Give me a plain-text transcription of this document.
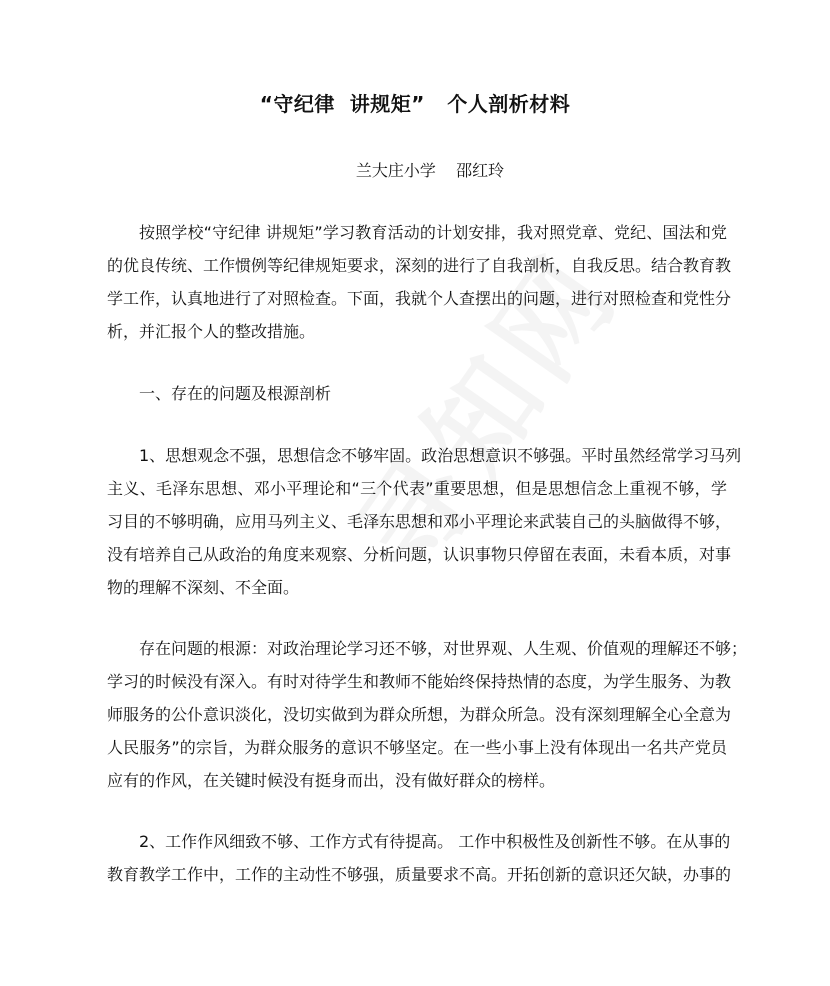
“守纪律  讲规矩”   个人剖析材料
兰大庄小学    邵红玲
按照学校“守纪律 讲规矩”学习教育活动的计划安排，我对照党章、党纪、国法和党
的优良传统、工作惯例等纪律规矩要求，深刻的进行了自我剖析，自我反思。结合教育教
学工作，认真地进行了对照检查。下面，我就个人查摆出的问题，进行对照检查和党性分
析，并汇报个人的整改措施。
一、存在的问题及根源剖析
1、思想观念不强，思想信念不够牢固。政治思想意识不够强。平时虽然经常学习马列
主义、毛泽东思想、邓小平理论和“三个代表”重要思想，但是思想信念上重视不够，学
习目的不够明确，应用马列主义、毛泽东思想和邓小平理论来武装自己的头脑做得不够，
没有培养自己从政治的角度来观察、分析问题，认识事物只停留在表面，未看本质，对事
物的理解不深刻、不全面。
存在问题的根源：对政治理论学习还不够，对世界观、人生观、价值观的理解还不够；
学习的时候没有深入。有时对待学生和教师不能始终保持热情的态度，为学生服务、为教
师服务的公仆意识淡化，没切实做到为群众所想，为群众所急。没有深刻理解全心全意为
人民服务”的宗旨，为群众服务的意识不够坚定。在一些小事上没有体现出一名共产党员
应有的作风，在关键时候没有挺身而出，没有做好群众的榜样。
2、工作作风细致不够、工作方式有待提高。 工作中积极性及创新性不够。在从事的
教育教学工作中，工作的主动性不够强，质量要求不高。开拓创新的意识还欠缺，办事的
